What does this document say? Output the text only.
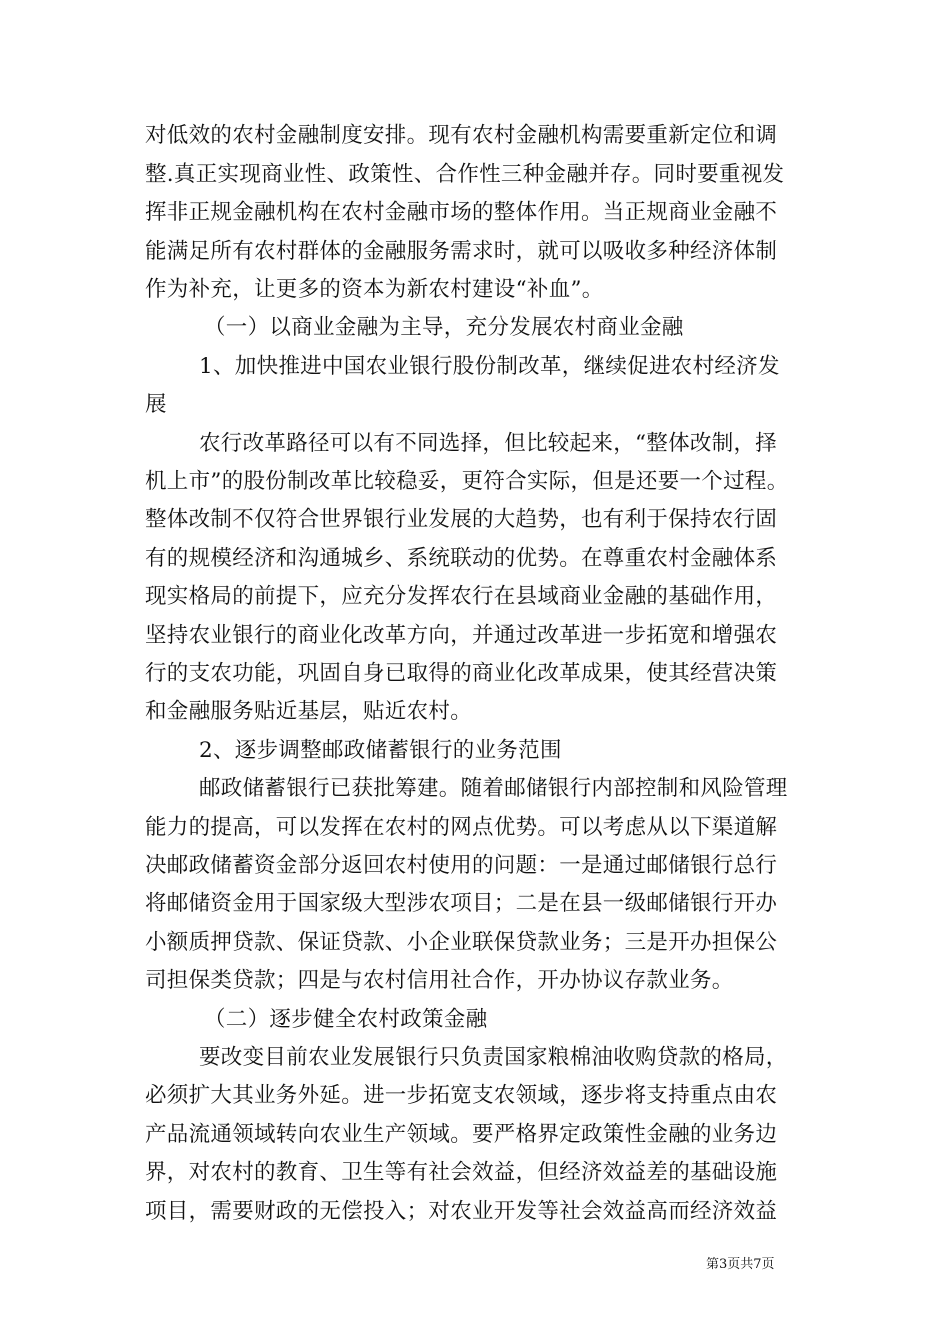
对低效的农村金融制度安排。现有农村金融机构需要重新定位和调
整.真正实现商业性、政策性、合作性三种金融并存。同时要重视发
挥非正规金融机构在农村金融市场的整体作用。当正规商业金融不
能满足所有农村群体的金融服务需求时，就可以吸收多种经济体制
作为补充，让更多的资本为新农村建设“补血”。
（一）以商业金融为主导，充分发展农村商业金融
1、加快推进中国农业银行股份制改革，继续促进农村经济发
展
农行改革路径可以有不同选择，但比较起来，“整体改制，择
机上市”的股份制改革比较稳妥，更符合实际，但是还要一个过程。
整体改制不仅符合世界银行业发展的大趋势，也有利于保持农行固
有的规模经济和沟通城乡、系统联动的优势。在尊重农村金融体系
现实格局的前提下，应充分发挥农行在县域商业金融的基础作用，
坚持农业银行的商业化改革方向，并通过改革进一步拓宽和增强农
行的支农功能，巩固自身已取得的商业化改革成果，使其经营决策
和金融服务贴近基层，贴近农村。
2、逐步调整邮政储蓄银行的业务范围
邮政储蓄银行已获批筹建。随着邮储银行内部控制和风险管理
能力的提高，可以发挥在农村的网点优势。可以考虑从以下渠道解
决邮政储蓄资金部分返回农村使用的问题：一是通过邮储银行总行
将邮储资金用于国家级大型涉农项目；二是在县一级邮储银行开办
小额质押贷款、保证贷款、小企业联保贷款业务；三是开办担保公
司担保类贷款；四是与农村信用社合作，开办协议存款业务。
（二）逐步健全农村政策金融
要改变目前农业发展银行只负责国家粮棉油收购贷款的格局，
必须扩大其业务外延。进一步拓宽支农领域，逐步将支持重点由农
产品流通领域转向农业生产领域。要严格界定政策性金融的业务边
界，对农村的教育、卫生等有社会效益，但经济效益差的基础设施
项目，需要财政的无偿投入；对农业开发等社会效益高而经济效益
第3页共7页
